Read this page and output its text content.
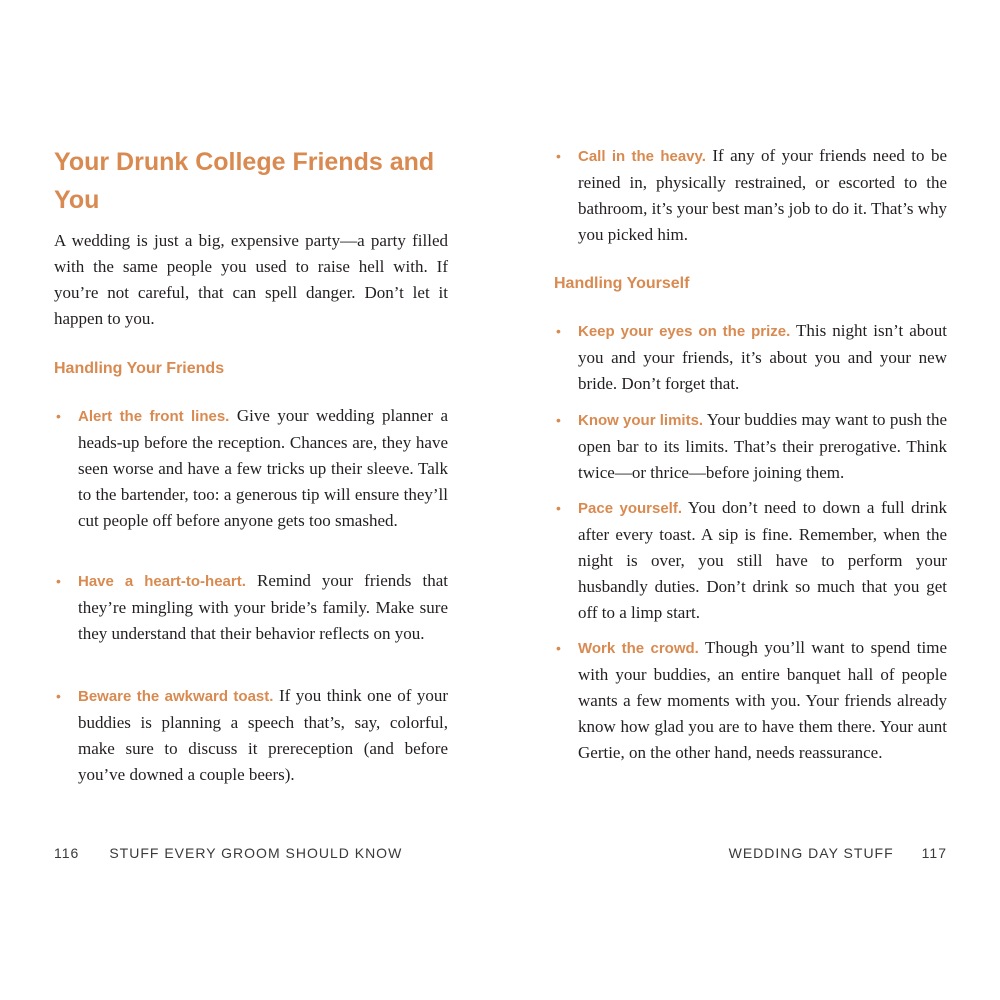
Your Drunk College Friends and You

A wedding is just a big, expensive party—a party filled with the same people you used to raise hell with. If you’re not careful, that can spell danger. Don’t let it happen to you.

Handling Your Friends

• Alert the front lines. Give your wedding planner a heads-up before the reception. Chances are, they have seen worse and have a few tricks up their sleeve. Talk to the bartender, too: a generous tip will ensure they’ll cut people off before anyone gets too smashed.

• Have a heart-to-heart. Remind your friends that they’re mingling with your bride’s family. Make sure they understand that their behavior reflects on you.

• Beware the awkward toast. If you think one of your buddies is planning a speech that’s, say, colorful, make sure to discuss it prereception (and before you’ve downed a couple beers).

116 STUFF EVERY GROOM SHOULD KNOW

• Call in the heavy. If any of your friends need to be reined in, physically restrained, or escorted to the bathroom, it’s your best man’s job to do it. That’s why you picked him.

Handling Yourself

• Keep your eyes on the prize. This night isn’t about you and your friends, it’s about you and your new bride. Don’t forget that.

• Know your limits. Your buddies may want to push the open bar to its limits. That’s their prerogative. Think twice—or thrice—before joining them.

• Pace yourself. You don’t need to down a full drink after every toast. A sip is fine. Remember, when the night is over, you still have to perform your husbandly duties. Don’t drink so much that you get off to a limp start.

• Work the crowd. Though you’ll want to spend time with your buddies, an entire banquet hall of people wants a few moments with you. Your friends already know how glad you are to have them there. Your aunt Gertie, on the other hand, needs reassurance.

WEDDING DAY STUFF 117
